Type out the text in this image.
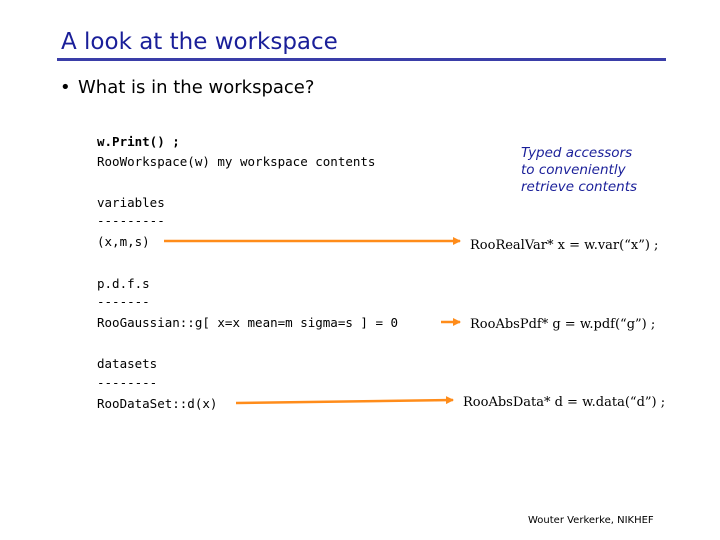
A look at the workspace
• What is in the workspace?
w.Print() ;
RooWorkspace(w) my workspace contents
variables
---------
(x,m,s)
p.d.f.s
-------
RooGaussian::g[ x=x mean=m sigma=s ] = 0
datasets
--------
RooDataSet::d(x)
Typed accessors
to conveniently
retrieve contents
RooRealVar* x = w.var(“x”) ;
RooAbsPdf* g = w.pdf(“g”) ;
RooAbsData* d = w.data(“d”) ;
Wouter Verkerke, NIKHEF
